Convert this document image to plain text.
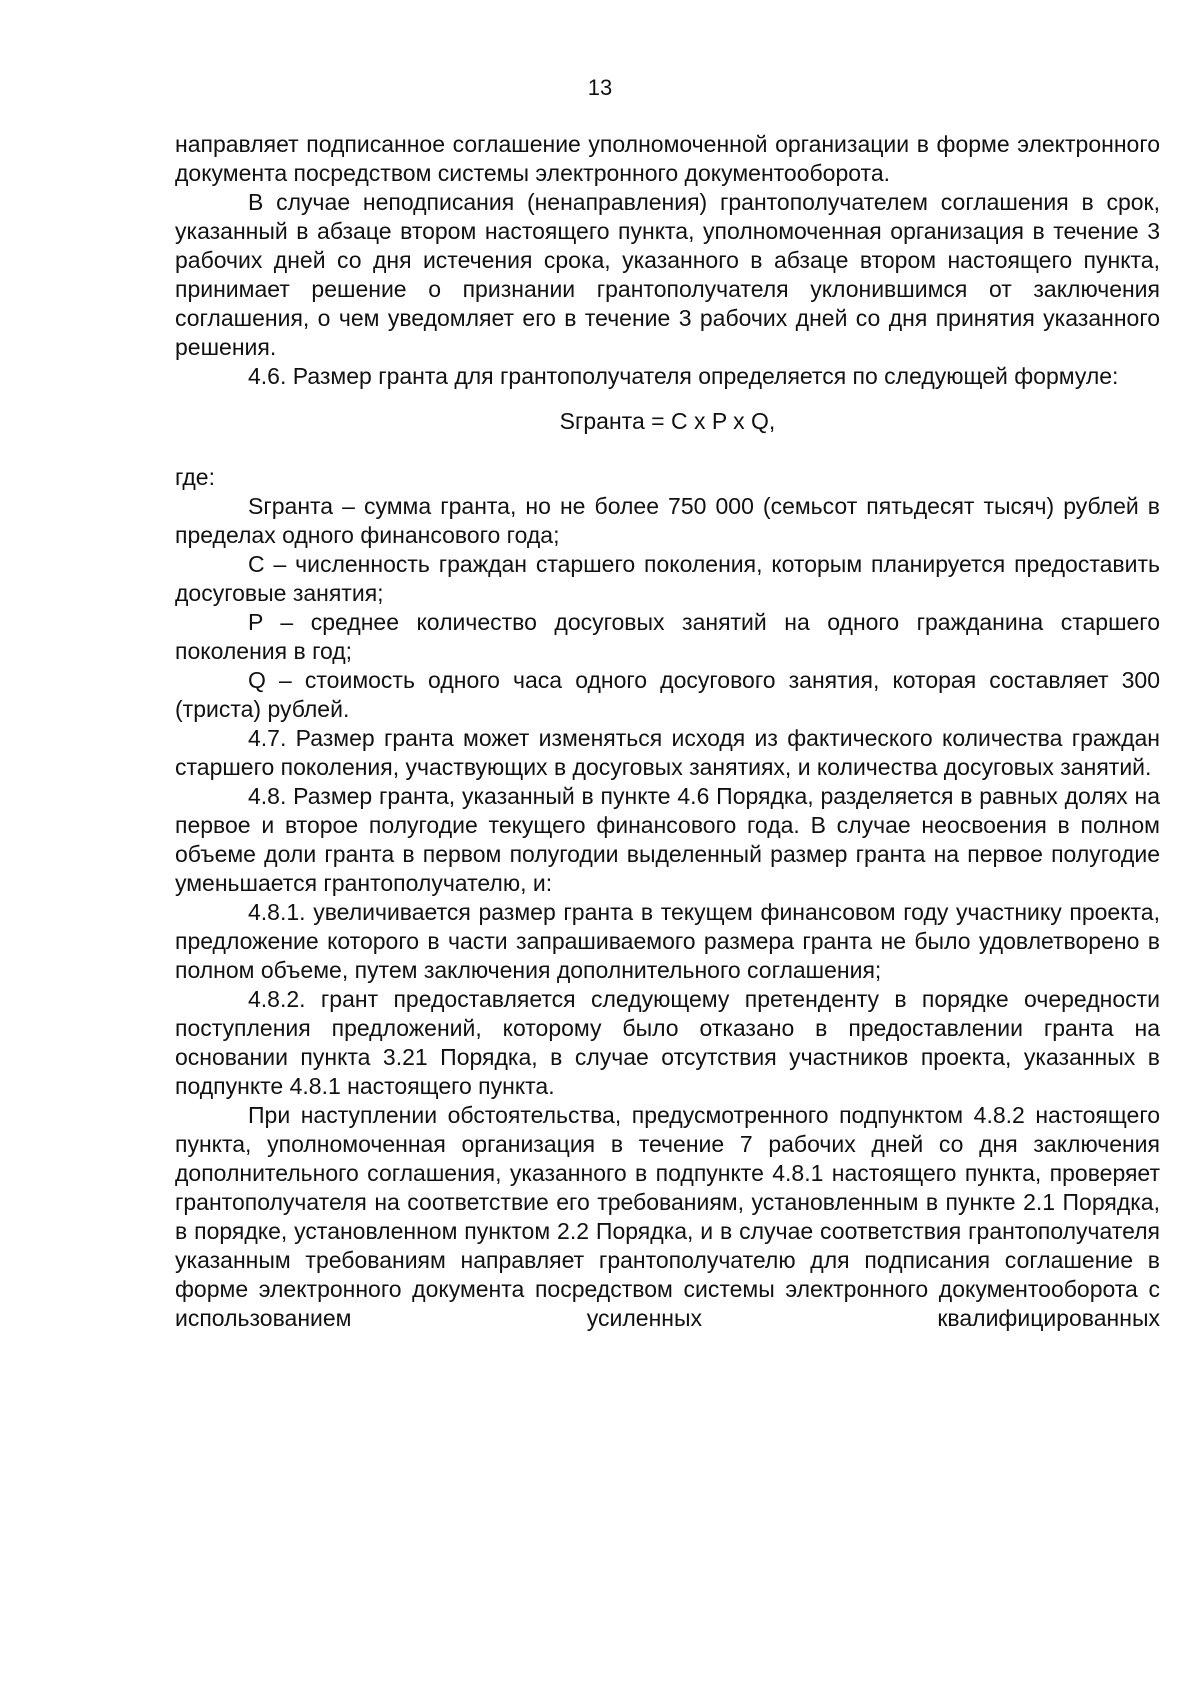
13

направляет подписанное соглашение уполномоченной организации в форме электронного документа посредством системы электронного документооборота.

В случае неподписания (ненаправления) грантополучателем соглашения в срок, указанный в абзаце втором настоящего пункта, уполномоченная организация в течение 3 рабочих дней со дня истечения срока, указанного в абзаце втором настоящего пункта, принимает решение о признании грантополучателя уклонившимся от заключения соглашения, о чем уведомляет его в течение 3 рабочих дней со дня принятия указанного решения.

4.6. Размер гранта для грантополучателя определяется по следующей формуле:

Sгранта = C x P x Q,

где:

Sгранта – сумма гранта, но не более 750 000 (семьсот пятьдесят тысяч) рублей в пределах одного финансового года;

C – численность граждан старшего поколения, которым планируется предоставить досуговые занятия;

P – среднее количество досуговых занятий на одного гражданина старшего поколения в год;

Q – стоимость одного часа одного досугового занятия, которая составляет 300 (триста) рублей.

4.7. Размер гранта может изменяться исходя из фактического количества граждан старшего поколения, участвующих в досуговых занятиях, и количества досуговых занятий.

4.8. Размер гранта, указанный в пункте 4.6 Порядка, разделяется в равных долях на первое и второе полугодие текущего финансового года. В случае неосвоения в полном объеме доли гранта в первом полугодии выделенный размер гранта на первое полугодие уменьшается грантополучателю, и:

4.8.1. увеличивается размер гранта в текущем финансовом году участнику проекта, предложение которого в части запрашиваемого размера гранта не было удовлетворено в полном объеме, путем заключения дополнительного соглашения;

4.8.2. грант предоставляется следующему претенденту в порядке очередности поступления предложений, которому было отказано в предоставлении гранта на основании пункта 3.21 Порядка, в случае отсутствия участников проекта, указанных в подпункте 4.8.1 настоящего пункта.

При наступлении обстоятельства, предусмотренного подпунктом 4.8.2 настоящего пункта, уполномоченная организация в течение 7 рабочих дней со дня заключения дополнительного соглашения, указанного в подпункте 4.8.1 настоящего пункта, проверяет грантополучателя на соответствие его требованиям, установленным в пункте 2.1 Порядка, в порядке, установленном пунктом 2.2 Порядка, и в случае соответствия грантополучателя указанным требованиям направляет грантополучателю для подписания соглашение в форме электронного документа посредством системы электронного документооборота с использованием усиленных квалифицированных
